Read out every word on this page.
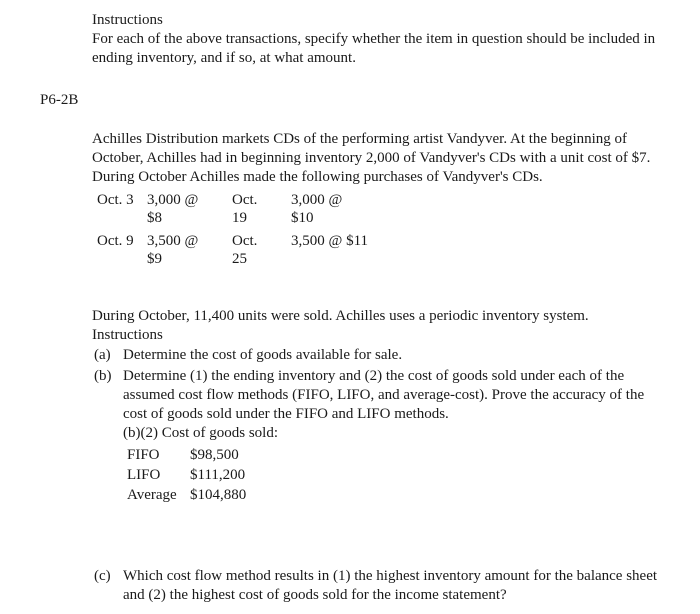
Instructions
For each of the above transactions, specify whether the item in question should be included in ending inventory, and if so, at what amount.
P6-2B
Achilles Distribution markets CDs of the performing artist Vandyver. At the beginning of October, Achilles had in beginning inventory 2,000 of Vandyver's CDs with a unit cost of $7. During October Achilles made the following purchases of Vandyver's CDs.
Oct. 3 3,000 @
$8
Oct.
19
3,000 @
$10
Oct. 9 3,500 @
$9
Oct.
25
3,500 @ $11
During October, 11,400 units were sold. Achilles uses a periodic inventory system.
Instructions
(a) Determine the cost of goods available for sale.
(b) Determine (1) the ending inventory and (2) the cost of goods sold under each of the assumed cost flow methods (FIFO, LIFO, and average-cost). Prove the accuracy of the cost of goods sold under the FIFO and LIFO methods.
(b)(2) Cost of goods sold:
FIFO $98,500
LIFO $111,200
Average $104,880
(c) Which cost flow method results in (1) the highest inventory amount for the balance sheet and (2) the highest cost of goods sold for the income statement?
